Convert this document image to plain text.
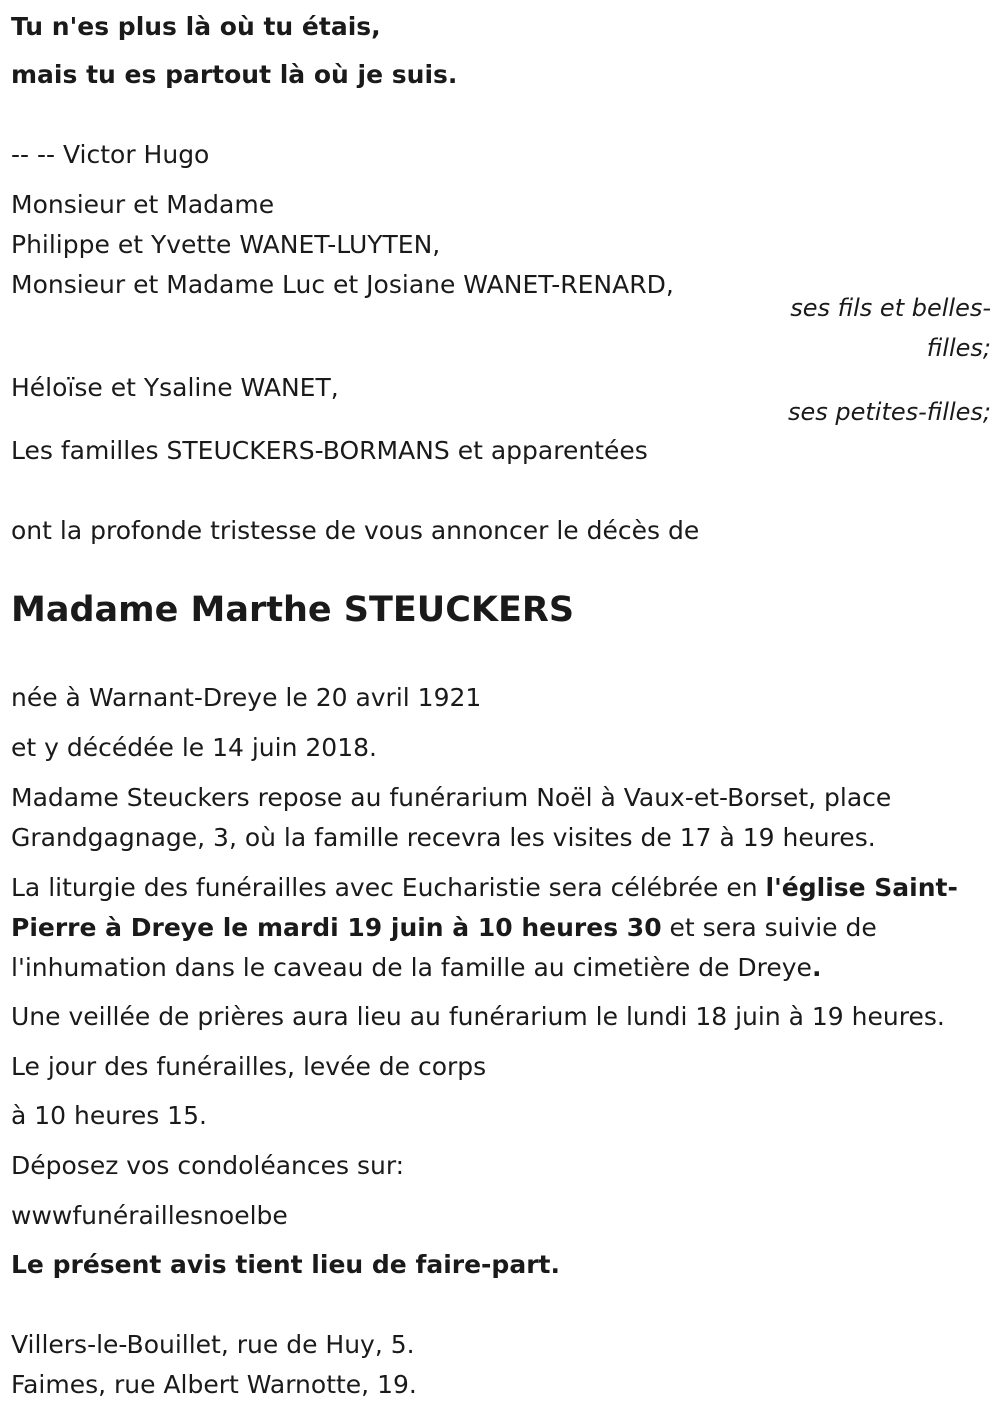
Tu n'es plus là où tu étais,
mais tu es partout là où je suis.
-- -- Victor Hugo
Monsieur et Madame
Philippe et Yvette WANET-LUYTEN,
Monsieur et Madame Luc et Josiane WANET-RENARD,
ses fils et belles-
filles;
Héloïse et Ysaline WANET,
ses petites-filles;
Les familles STEUCKERS-BORMANS et apparentées
ont la profonde tristesse de vous annoncer le décès de
Madame Marthe STEUCKERS
née à Warnant-Dreye le 20 avril 1921
et y décédée le 14 juin 2018.
Madame Steuckers repose au funérarium Noël à Vaux-et-Borset, place Grandgagnage, 3, où la famille recevra les visites de 17 à 19 heures.
La liturgie des funérailles avec Eucharistie sera célébrée en l'église Saint-Pierre à Dreye le mardi 19 juin à 10 heures 30 et sera suivie de l'inhumation dans le caveau de la famille au cimetière de Dreye.
Une veillée de prières aura lieu au funérarium le lundi 18 juin à 19 heures.
Le jour des funérailles, levée de corps
à 10 heures 15.
Déposez vos condoléances sur:
wwwfunéraillesnoelbe
Le présent avis tient lieu de faire-part.
Villers-le-Bouillet, rue de Huy, 5.
Faimes, rue Albert Warnotte, 19.
